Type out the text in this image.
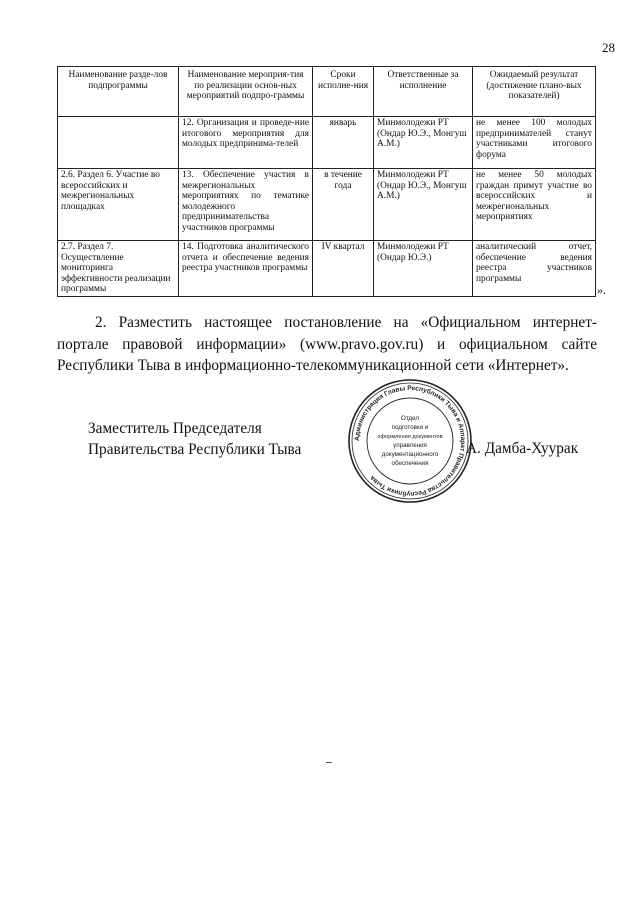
28
Наименование разде-лов подпрограммы	Наименование мероприя-тия по реализации основ-ных мероприятий подпро-граммы	Сроки исполне-ния	Ответственные за исполнение	Ожидаемый результат (достижение плано-вых показателей)
	12. Организация и проведе-ние итогового мероприятия для молодых предпринима-телей	январь	Минмолодежи РТ (Ондар Ю.Э., Монгуш А.М.)	не менее 100 молодых предпринимателей станут участниками итогового форума
2.6. Раздел 6. Участие во всероссийских и межрегиональных площадках	13. Обеспечение участия в межрегиональных мероприятиях по тематике молодежного предпринимательства участников программы	в течение года	Минмолодежи РТ (Ондар Ю.Э., Монгуш А.М.)	не менее 50 молодых граждан примут участие во всероссийских и межрегиональных мероприятиях
2.7. Раздел 7. Осуществление мониторинга эффективности реализации программы	14. Подготовка аналитического отчета и обеспечение ведения реестра участников программы	IV квартал	Минмолодежи РТ (Ондар Ю.Э.)	аналитический отчет, обеспечение ведения реестра участников программы
».
2. Разместить настоящее постановление на «Официальном интернет-портале правовой информации» (www.pravo.gov.ru) и официальном сайте Республики Тыва в информационно-телекоммуникационной сети «Интернет».
Заместитель Председателя
Правительства Республики Тыва
Администрация Главы Республики Тыва и Аппарат Правительства Республики Тыва
Отдел
подготовки и
оформления документов
управления
документационного
обеспечения
А. Дамба-Хуурак
